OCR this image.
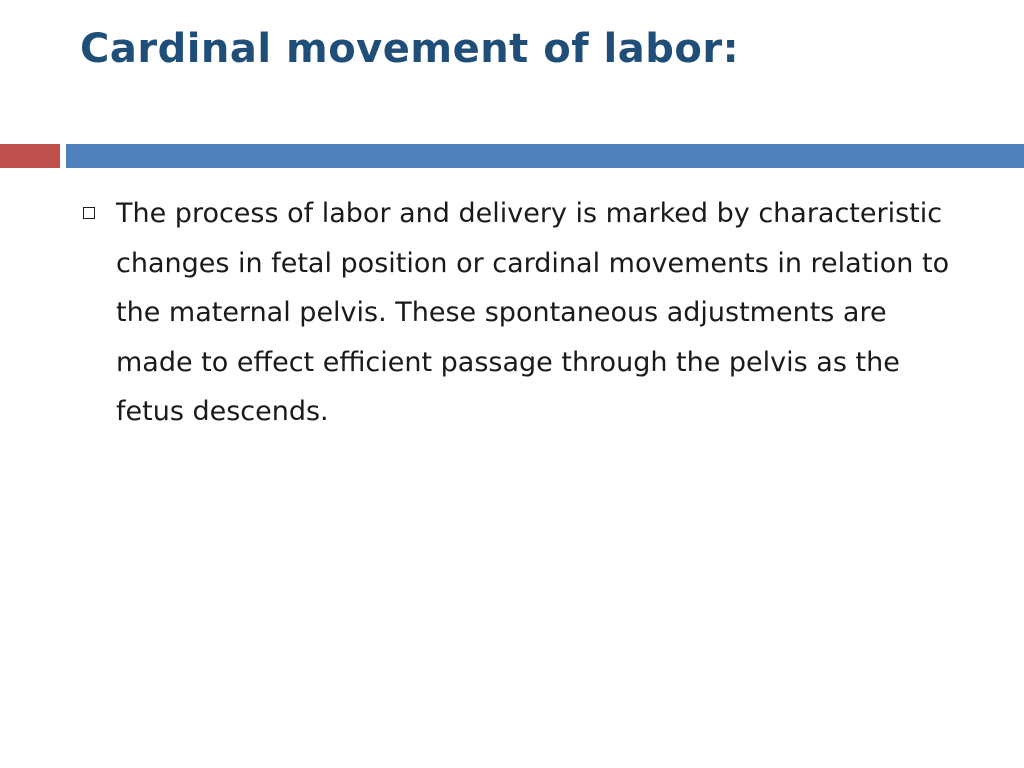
Cardinal movement of labor:
The process of labor and delivery is marked by characteristic changes in fetal position or cardinal movements in relation to the maternal pelvis. These spontaneous adjustments are made to effect efficient passage through the pelvis as the fetus descends.
